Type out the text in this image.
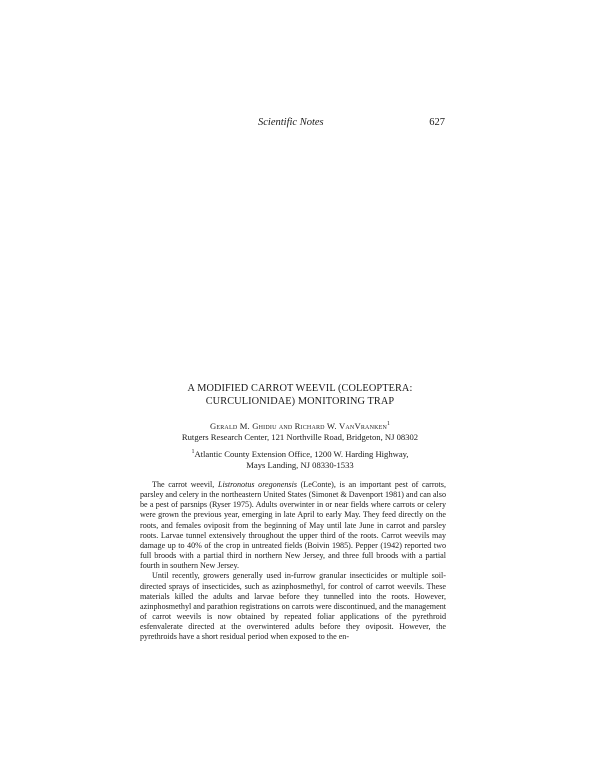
Scientific Notes	627
A MODIFIED CARROT WEEVIL (COLEOPTERA:
CURCULIONIDAE) MONITORING TRAP
Gerald M. Ghidiu and Richard W. VanVranken$^1$
Rutgers Research Center, 121 Northville Road, Bridgeton, NJ 08302
$^1$Atlantic County Extension Office, 1200 W. Harding Highway,
Mays Landing, NJ 08330-1533

The carrot weevil, Listronotus oregonensis (LeConte), is an important pest of carrots, parsley and celery in the northeastern United States (Simonet & Davenport 1981) and can also be a pest of parsnips (Ryser 1975). Adults overwinter in or near fields where carrots or celery were grown the previous year, emerging in late April to early May. They feed directly on the roots, and females oviposit from the beginning of May until late June in carrot and parsley roots. Larvae tunnel extensively throughout the upper third of the roots. Carrot weevils may damage up to 40% of the crop in untreated fields (Boivin 1985). Pepper (1942) reported two full broods with a partial third in northern New Jersey, and three full broods with a partial fourth in southern New Jersey.

Until recently, growers generally used in-furrow granular insecticides or multiple soil-directed sprays of insecticides, such as azinphosmethyl, for control of carrot weevils. These materials killed the adults and larvae before they tunnelled into the roots. However, azinphosmethyl and parathion registrations on carrots were discontinued, and the management of carrot weevils is now obtained by repeated foliar applications of the pyrethroid esfenvalerate directed at the overwintered adults before they oviposit. However, the pyrethroids have a short residual period when exposed to the en-
